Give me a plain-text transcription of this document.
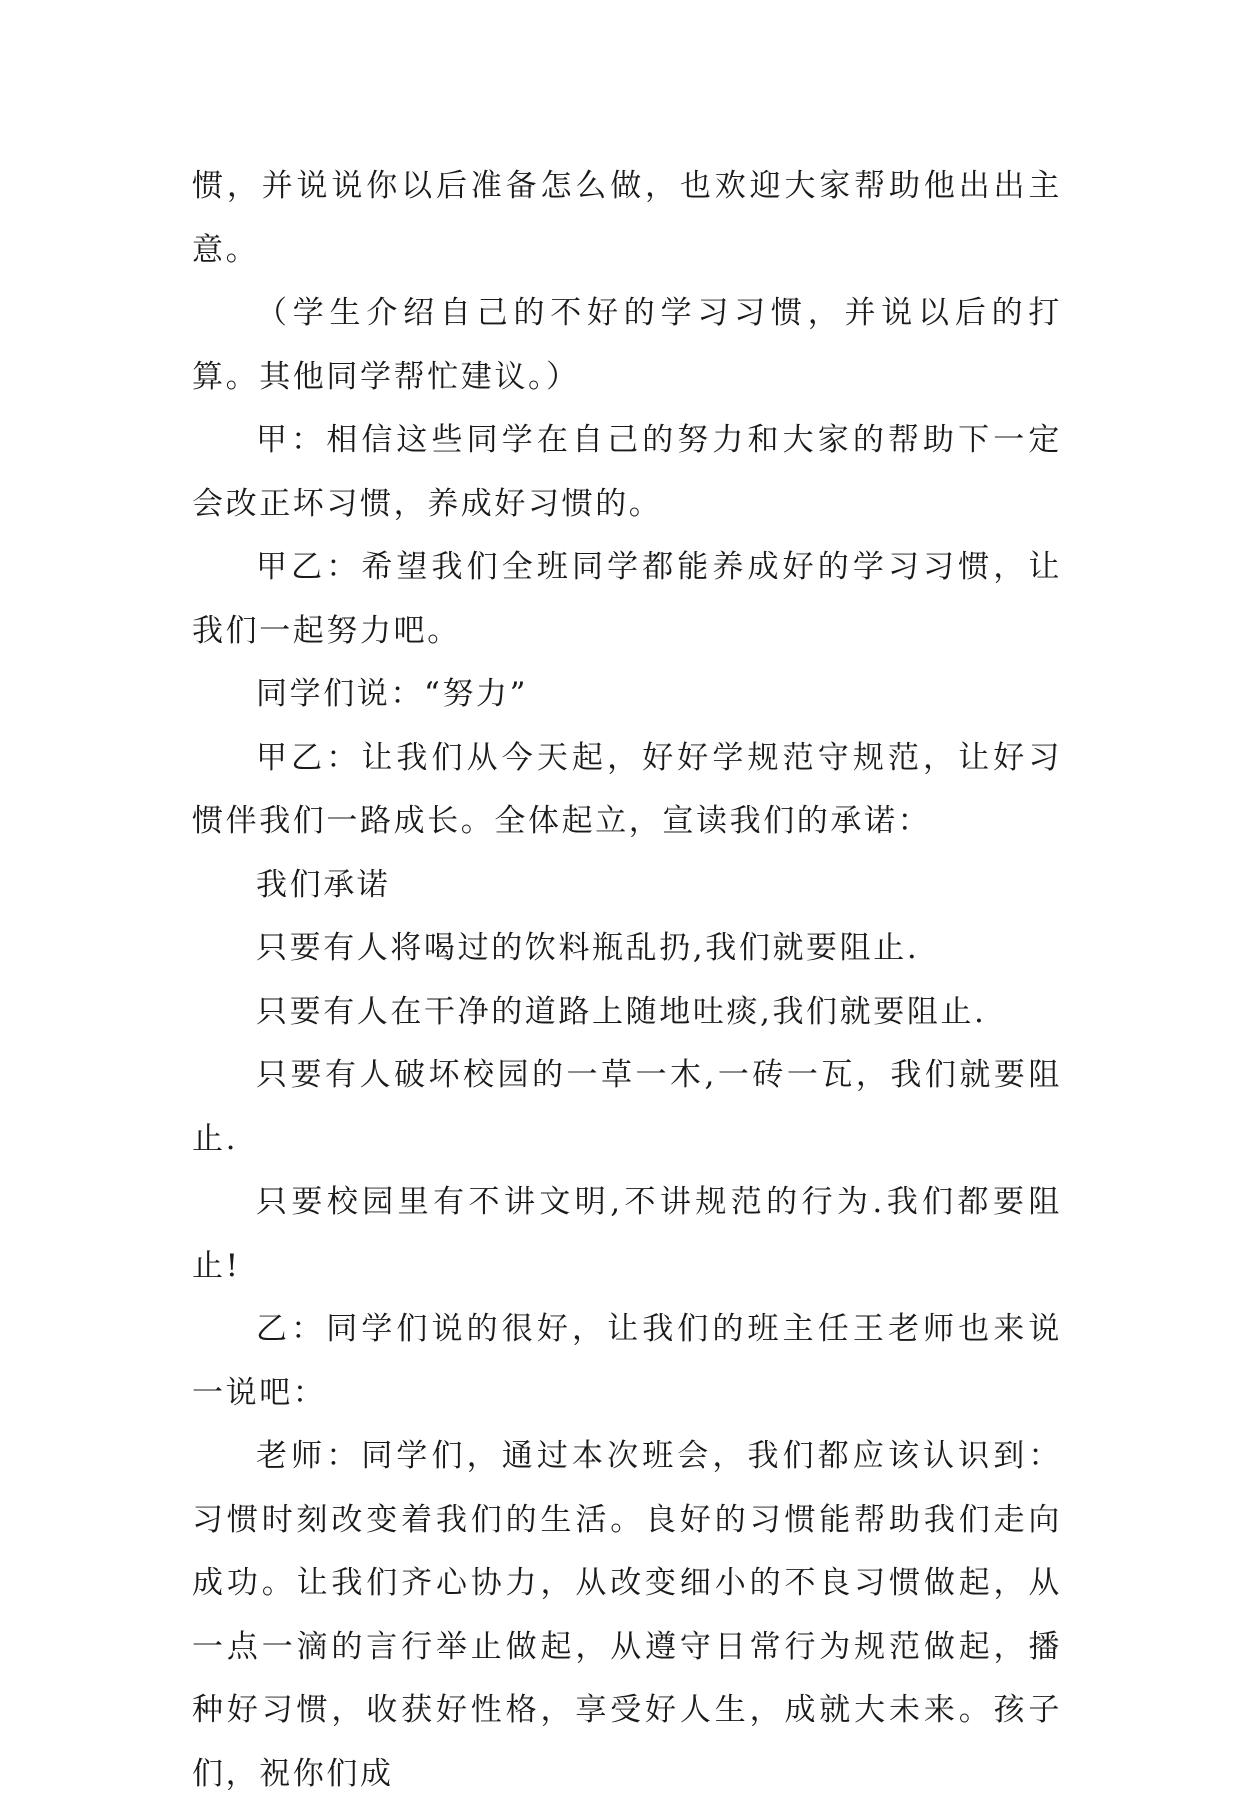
惯，并说说你以后准备怎么做，也欢迎大家帮助他出出主意。

（学生介绍自己的不好的学习习惯，并说以后的打算。其他同学帮忙建议。）

甲：相信这些同学在自己的努力和大家的帮助下一定会改正坏习惯，养成好习惯的。

甲乙：希望我们全班同学都能养成好的学习习惯，让我们一起努力吧。

同学们说：“努力”

甲乙：让我们从今天起，好好学规范守规范，让好习惯伴我们一路成长。全体起立，宣读我们的承诺：

我们承诺

只要有人将喝过的饮料瓶乱扔,我们就要阻止.

只要有人在干净的道路上随地吐痰,我们就要阻止.

只要有人破坏校园的一草一木,一砖一瓦，我们就要阻止.

只要校园里有不讲文明,不讲规范的行为.我们都要阻止!

乙：同学们说的很好，让我们的班主任王老师也来说一说吧：

老师：同学们，通过本次班会，我们都应该认识到：习惯时刻改变着我们的生活。良好的习惯能帮助我们走向成功。让我们齐心协力，从改变细小的不良习惯做起，从一点一滴的言行举止做起，从遵守日常行为规范做起，播种好习惯，收获好性格，享受好人生，成就大未来。孩子们，祝你们成
